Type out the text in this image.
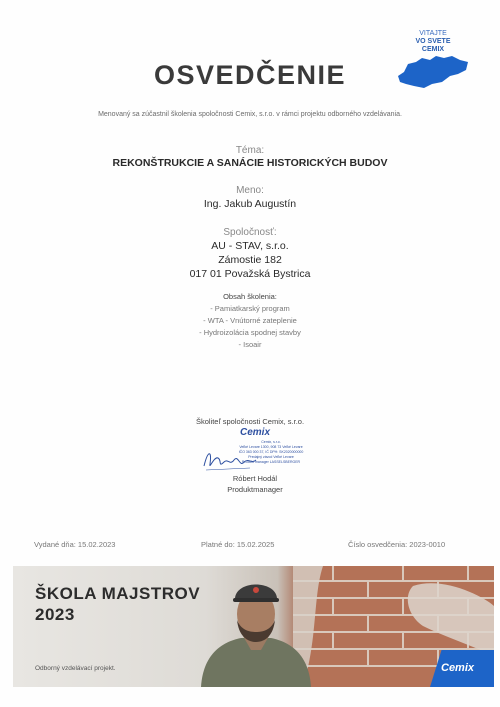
VITAJTE
VO SVETE
CEMIX
OSVEDČENIE
Menovaný sa zúčastnil školenia spoločnosti Cemix, s.r.o. v rámci projektu odborného vzdelávania.
Téma:
REKONŠTRUKCIE A SANÁCIE HISTORICKÝCH BUDOV
Meno:
Ing. Jakub Augustín
Spoločnosť:
AU - STAV, s.r.o.
Zámostie 182
017 01 Považská Bystrica
Obsah školenia:
- Pamiatkarský program
- WTA - Vnútorné zateplenie
- Hydroizolácia spodnej stavby
- Isoair
Školiteľ spoločnosti Cemix, s.r.o.
Cemix
Cemix, s.r.o.
Veľké Levare 1300, 908 73 Veľké Levare
IČO 363 000 37, IČ DPH: SK2020000000
Predajný závod Veľké Levare
Produkt manager LASSELSBERGER
Róbert Hodál
Produktmanager
Vydané dňa: 15.02.2023	Platné do: 15.02.2025	Číslo osvedčenia: 2023-0010
ŠKOLA MAJSTROV
2023
Odborný vzdelávací projekt.	Cemix
